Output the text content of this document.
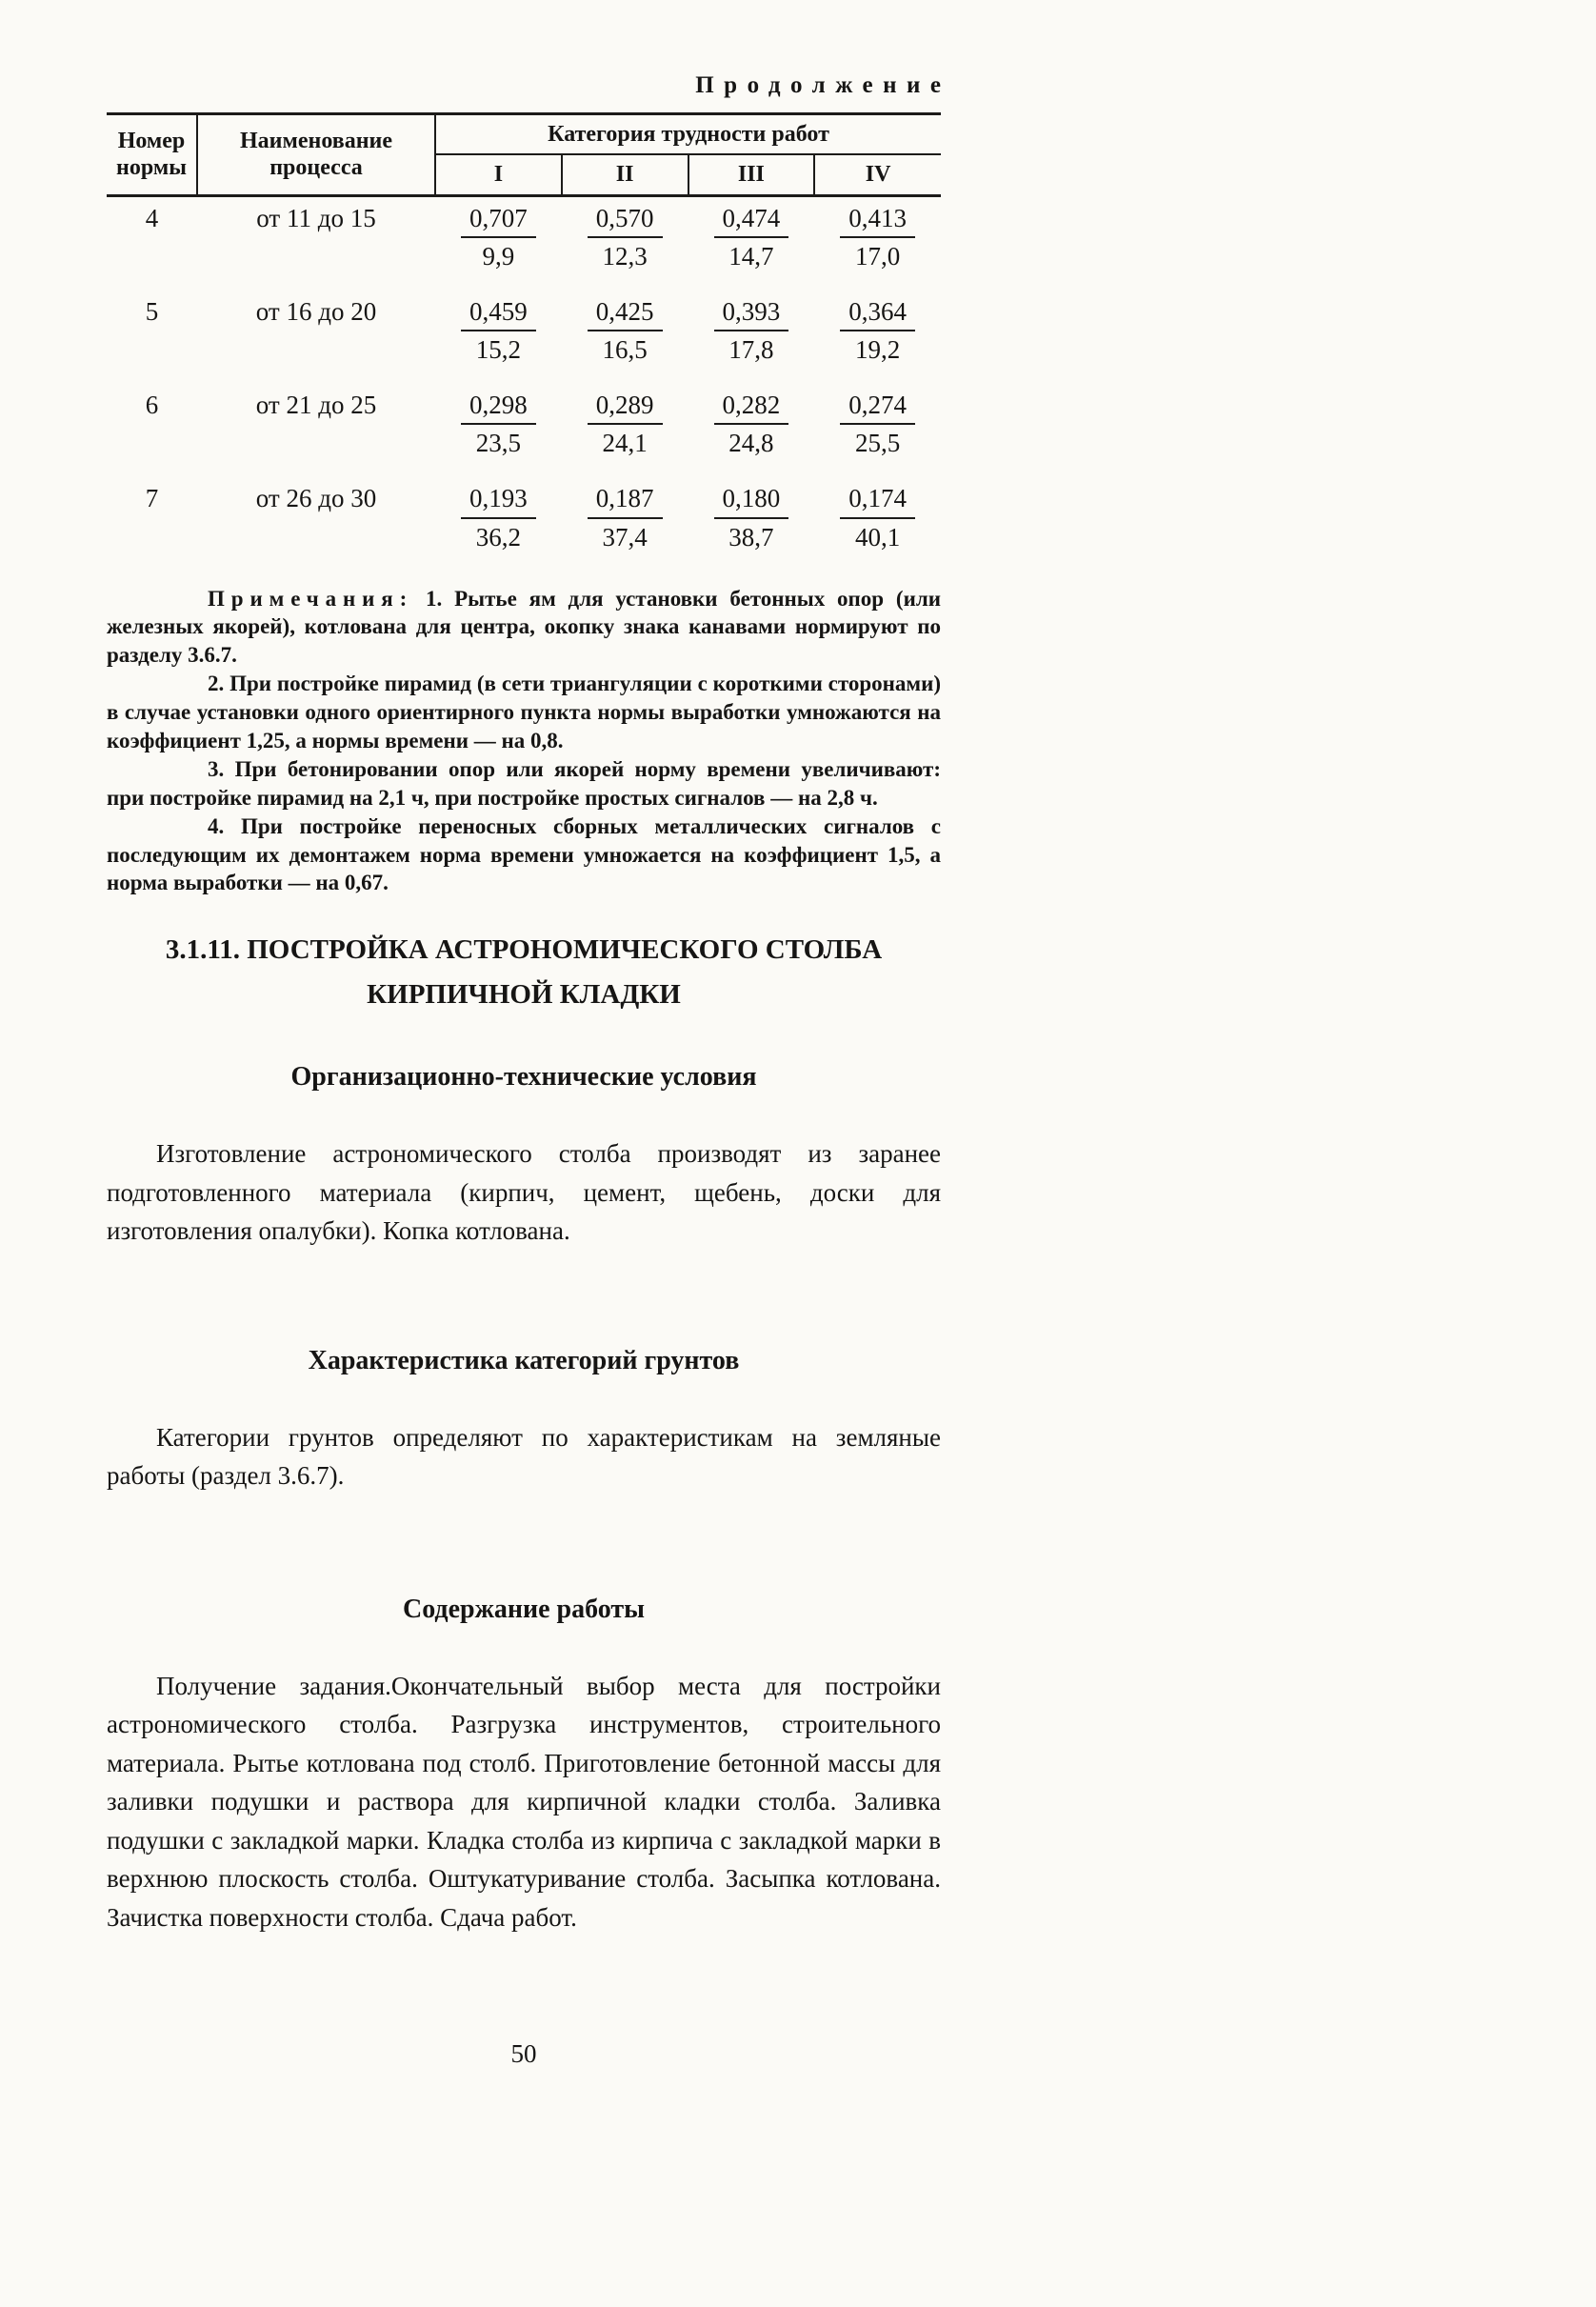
Продолжение
Номер нормы	Наименование процесса	Категория трудности работ			
		I	II	III	IV
4	от 11 до 15	$\frac{0,707}{9,9}$	$\frac{0,570}{12,3}$	$\frac{0,474}{14,7}$	$\frac{0,413}{17,0}$

5	от 16 до 20	$\frac{0,459}{15,2}$	$\frac{0,425}{16,5}$	$\frac{0,393}{17,8}$	$\frac{0,364}{19,2}$

6	от 21 до 25	$\frac{0,298}{23,5}$	$\frac{0,289}{24,1}$	$\frac{0,282}{24,8}$	$\frac{0,274}{25,5}$

7	от 26 до 30	$\frac{0,193}{36,2}$	$\frac{0,187}{37,4}$	$\frac{0,180}{38,7}$	$\frac{0,174}{40,1}$

Примечания: 1. Рытье ям для установки бетонных опор (или железных якорей), котлована для центра, окопку знака канавами нормируют по разделу 3.6.7.

2. При постройке пирамид (в сети триангуляции с короткими сторонами) в случае установки одного ориентирного пункта нормы выработки умножаются на коэффициент 1,25, а нормы времени — на 0,8.

3. При бетонировании опор или якорей норму времени увеличивают: при постройке пирамид на 2,1 ч, при постройке простых сигналов — на 2,8 ч.

4. При постройке переносных сборных металлических сигналов с последующим их демонтажем норма времени умножается на коэффициент 1,5, а норма выработки — на 0,67.

3.1.11. ПОСТРОЙКА АСТРОНОМИЧЕСКОГО СТОЛБА
КИРПИЧНОЙ КЛАДКИ
Организационно-технические условия

Изготовление астрономического столба производят из заранее подготовленного материала (кирпич, цемент, щебень, доски для изготовления опалубки). Копка котлована.

Характеристика категорий грунтов

Категории грунтов определяют по характеристикам на земляные работы (раздел 3.6.7).

Содержание работы

Получение задания.Окончательный выбор места для постройки астрономического столба. Разгрузка инструментов, строительного материала. Рытье котлована под столб. Приготовление бетонной массы для заливки подушки и раствора для кирпичной кладки столба. Заливка подушки с закладкой марки. Кладка столба из кирпича с закладкой марки в верхнюю плоскость столба. Оштукатуривание столба. Засыпка котлована. Зачистка поверхности столба. Сдача работ.

50
